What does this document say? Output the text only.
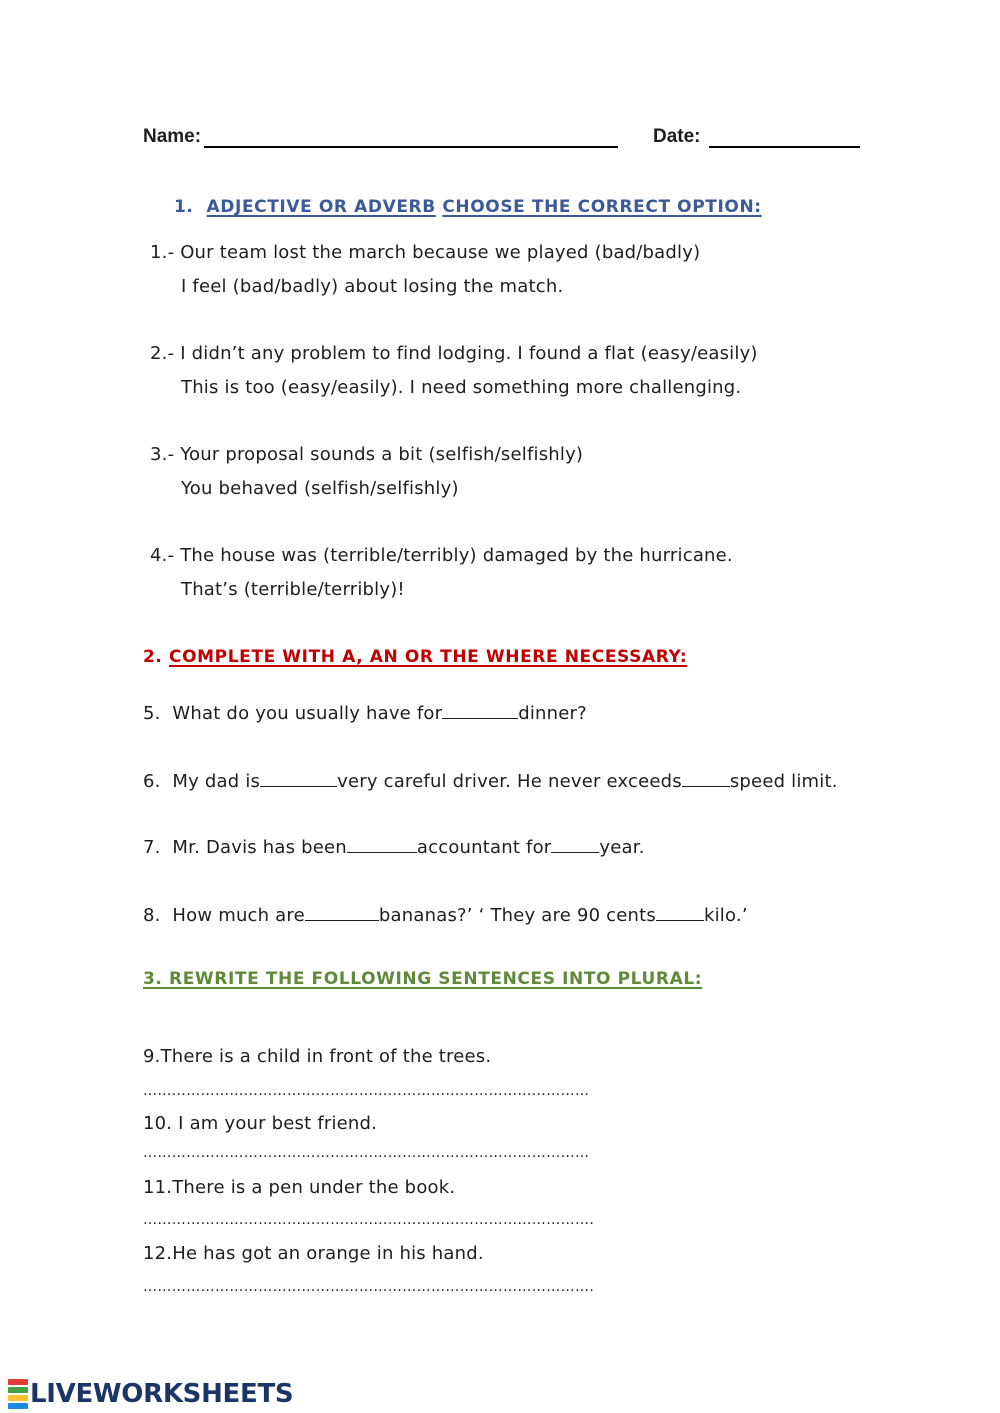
Name:	Date:
1. ADJECTIVE OR ADVERB CHOOSE THE CORRECT OPTION:
1.- Our team lost the march because we played (bad/badly)
I feel (bad/badly) about losing the match.
2.- I didn’t any problem to find lodging. I found a flat (easy/easily)
This is too (easy/easily). I need something more challenging.
3.- Your proposal sounds a bit (selfish/selfishly)
You behaved (selfish/selfishly)
4.- The house was (terrible/terribly) damaged by the hurricane.
That’s (terrible/terribly)!
2. COMPLETE WITH A, AN OR THE WHERE NECESSARY:
5. What do you usually have for	dinner?
6. My dad is	very careful driver. He never exceeds	speed limit.
7. Mr. Davis has been	accountant for	year.
8. How much are	bananas?’ ‘ They are 90 cents	kilo.’
3. REWRITE THE FOLLOWING SENTENCES INTO PLURAL:
9.There is a child in front of the trees.
…………………………………………………………………………………
10. I am your best friend.
…………………………………………………………………………………
11.There is a pen under the book.
………………………………………………………………………………….
12.He has got an orange in his hand.
………………………………………………………………………………….
LIVEWORKSHEETS
